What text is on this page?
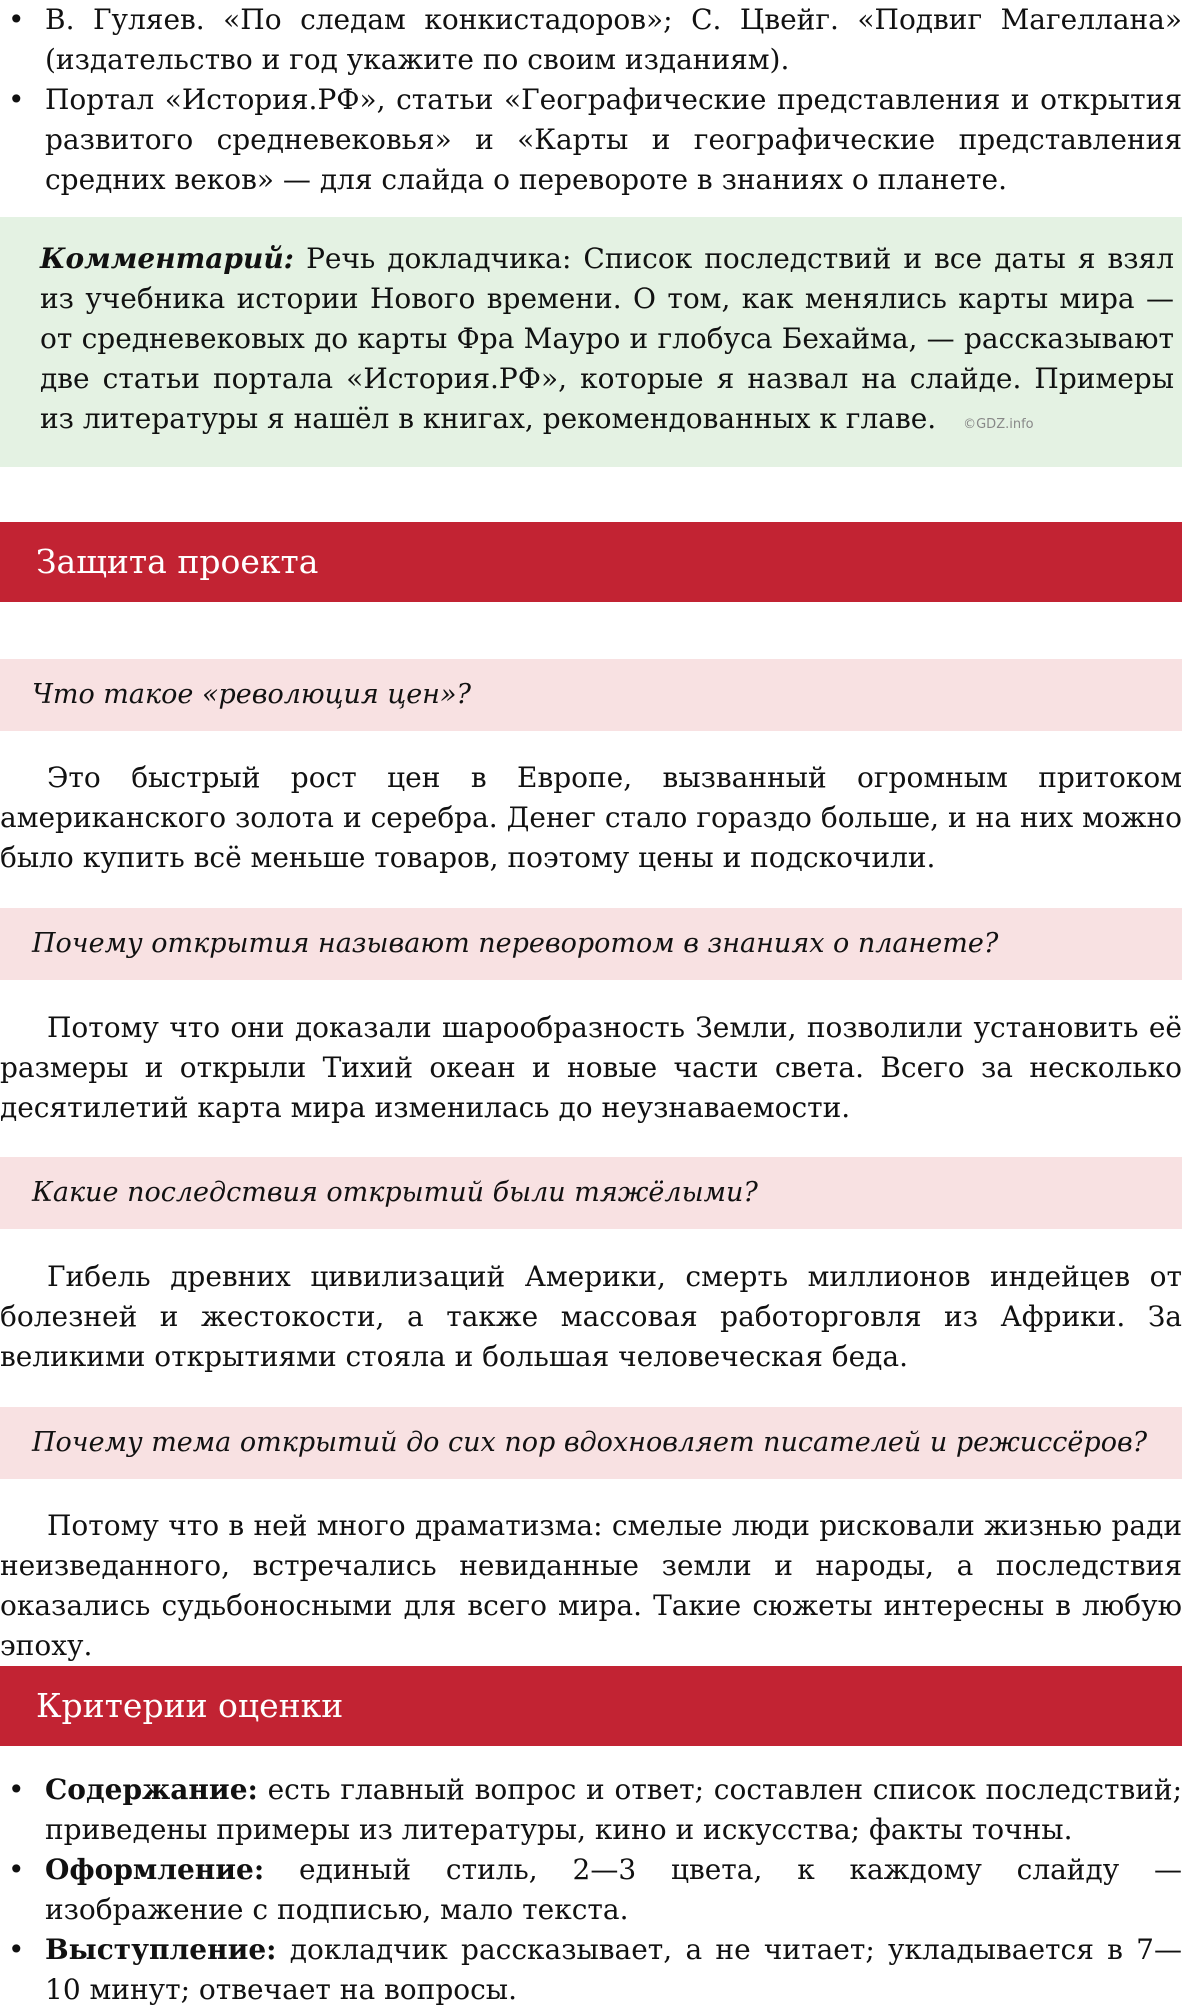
•
В. Гуляев. «По следам конкистадоров»; С. Цвейг. «Подвиг Магеллана» (издательство и год укажите по своим изданиям).
•
Портал «История.РФ», статьи «Географические представления и открытия развитого средневековья» и «Карты и географические представления средних веков» — для слайда о перевороте в знаниях о планете.
Комментарий: Речь докладчика: Список последствий и все даты я взял из учебника истории Нового времени. О том, как менялись карты мира — от средневековых до карты Фра Мауро и глобуса Бехайма, — рассказывают две статьи портала «История.РФ», которые я назвал на слайде. Примеры из литературы я нашёл в книгах, рекомендованных к главе. ©GDZ.info
Защита проекта
Что такое «революция цен»?

Это быстрый рост цен в Европе, вызванный огромным притоком американского золота и серебра. Денег стало гораздо больше, и на них можно было купить всё меньше товаров, поэтому цены и подскочили.

Почему открытия называют переворотом в знаниях о планете?

Потому что они доказали шарообразность Земли, позволили установить её размеры и открыли Тихий океан и новые части света. Всего за несколько десятилетий карта мира изменилась до неузнаваемости.

Какие последствия открытий были тяжёлыми?

Гибель древних цивилизаций Америки, смерть миллионов индейцев от болезней и жестокости, а также массовая работорговля из Африки. За великими открытиями стояла и большая человеческая беда.

Почему тема открытий до сих пор вдохновляет писателей и режиссёров?

Потому что в ней много драматизма: смелые люди рисковали жизнью ради неизведанного, встречались невиданные земли и народы, а последствия оказались судьбоносными для всего мира. Такие сюжеты интересны в любую эпоху.

Критерии оценки
•
Содержание: есть главный вопрос и ответ; составлен список последствий; приведены примеры из литературы, кино и искусства; факты точны.
•
Оформление: единый стиль, 2—3 цвета, к каждому слайду — изображение с подписью, мало текста.
•
Выступление: докладчик рассказывает, а не читает; укладывается в 7—10 минут; отвечает на вопросы.
